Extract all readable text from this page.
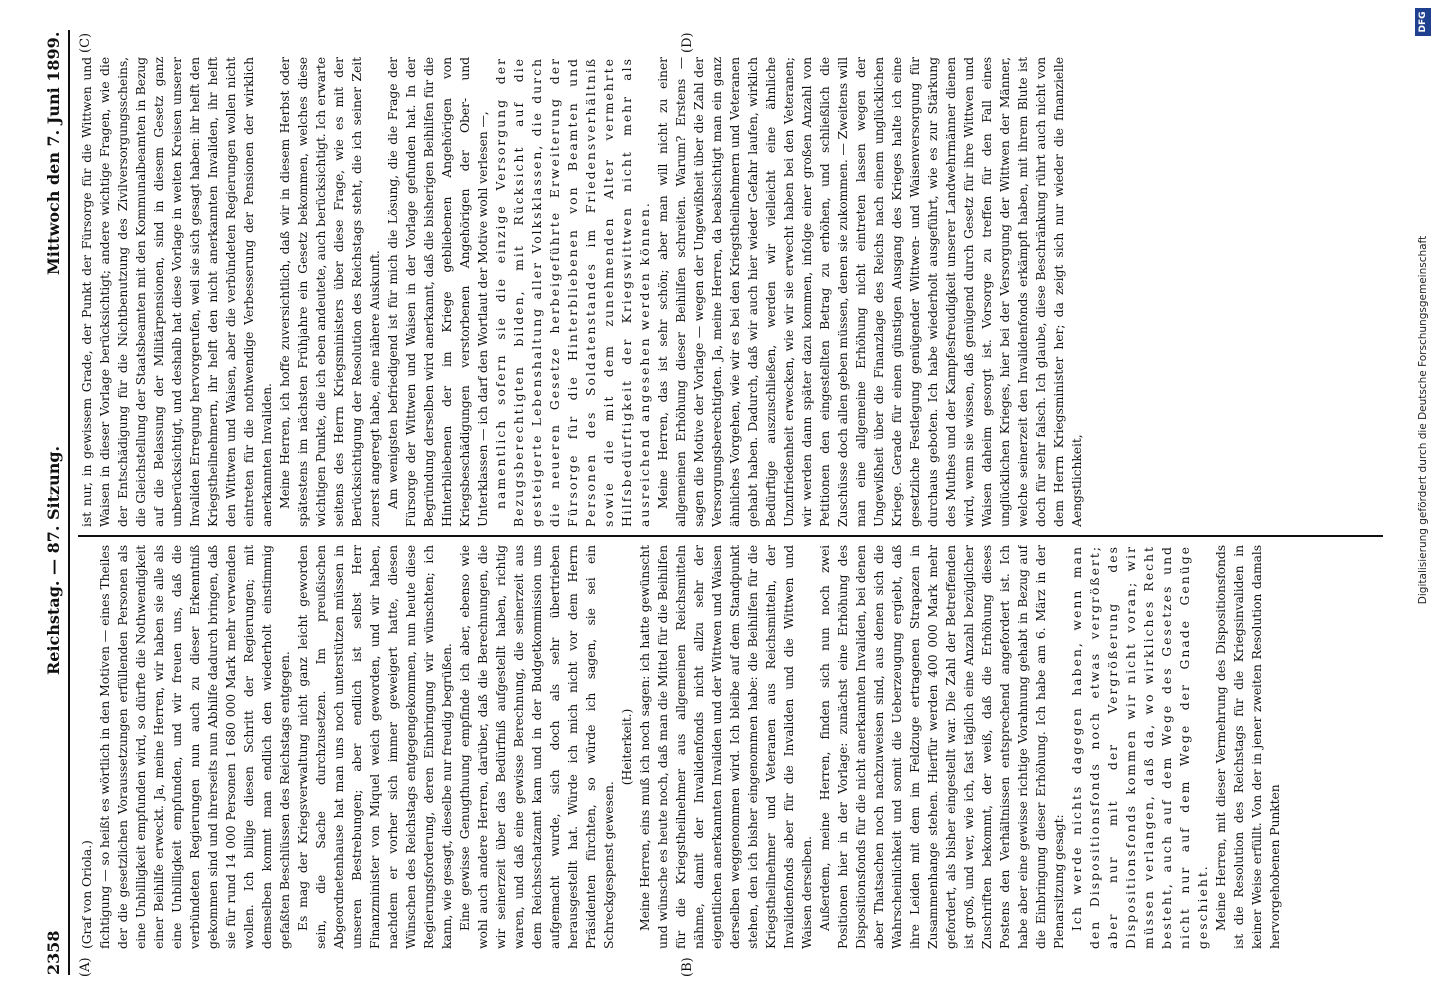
DFG
Digitalisierung gefördert durch die Deutsche Forschungsgemeinschaft
2358
Reichstag. — 87. Sitzung.
Mittwoch den 7. Juni 1899.
(A)	(B)
(C)	(D)

(Graf von Oriola.) fichtigung — so heißt es wörtlich in den Motiven — eines Theiles der die gesetzlichen Voraussetzungen erfüllenden Personen als eine Unbilligkeit empfunden wird, so dürfte die Nothwendigkeit einer Beihilfe erweckt. Ja, meine Herren, wir haben sie alle als eine Unbilligkeit empfunden, und wir freuen uns, daß die verbündeten Regierungen nun auch zu dieser Erkenntniß gekommen sind und ihrerseits nun Abhilfe dadurch bringen, daß sie für rund 14 000 Personen 1 680 000 Mark mehr verwenden wollen. Ich billige diesen Schritt der Regierungen; mit demselben kommt man endlich den wiederholt einstimmig gefaßten Beschlüssen des Reichstags entgegen. Es mag der Kriegsverwaltung nicht ganz leicht geworden sein, die Sache durchzusetzen. Im preußischen Abgeordnetenhause hat man uns noch unterstützen müssen in unseren Bestrebungen; aber endlich ist selbst Herr Finanzminister von Miquel weich geworden, und wir haben, nachdem er vorher sich immer geweigert hatte, diesen Wünschen des Reichstags entgegengekommen, nun heute diese Regierungsforderung, deren Einbringung wir wünschten; ich kann, wie gesagt, dieselbe nur freudig begrüßen. Eine gewisse Genugthuung empfinde ich aber, ebenso wie wohl auch andere Herren, darüber, daß die Berechnungen, die wir seinerzeit über das Bedürfniß aufgestellt haben, richtig waren, und daß eine gewisse Berechnung, die seinerzeit aus dem Reichsschatzamt kam und in der Budgetkommission uns aufgemacht wurde, sich doch als sehr übertrieben herausgestellt hat. Würde ich mich nicht vor dem Herrn Präsidenten fürchten, so würde ich sagen, sie sei ein Schreckgespenst gewesen.

(Heiterkeit.) Meine Herren, eins muß ich noch sagen: ich hatte gewünscht und wünsche es heute noch, daß man die Mittel für die Beihilfen für die Kriegstheilnehmer aus allgemeinen Reichsmitteln nähme, damit der Invalidenfonds nicht allzu sehr der eigentlichen anerkannten Invaliden und der Wittwen und Waisen derselben weggenommen wird. Ich bleibe auf dem Standpunkt stehen, den ich bisher eingenommen habe: die Beihilfen für die Kriegstheilnehmer und Veteranen aus Reichsmitteln, der Invalidenfonds aber für die Invaliden und die Wittwen und Waisen derselben. Außerdem, meine Herren, finden sich nun noch zwei Positionen hier in der Vorlage: zunächst eine Erhöhung des Dispositionsfonds für die nicht anerkannten Invaliden, bei denen aber Thatsachen noch nachzuweisen sind, aus denen sich die Wahrscheinlichkeit und somit die Ueberzeugung ergiebt, daß ihre Leiden mit dem im Feldzuge ertragenen Strapazen in Zusammenhange stehen. Hierfür werden 400 000 Mark mehr gefordert, als bisher eingestellt war. Die Zahl der Betreffenden ist groß, und wer, wie ich, fast täglich eine Anzahl bezüglicher Zuschriften bekommt, der weiß, daß die Erhöhung dieses Postens den Verhältnissen entsprechend angefordert ist. Ich habe aber eine gewisse richtige Vorahnung gehabt in Bezug auf die Einbringung dieser Erhöhung. Ich habe am 6. März in der Plenarsitzung gesagt: Ich werde nichts dagegen haben, wenn man den Dispositionsfonds noch etwas vergrößert; aber nur mit der Vergrößerung des Dispositionsfonds kommen wir nicht voran; wir müssen verlangen, daß da, wo wirkliches Recht besteht, auch auf dem Wege des Gesetzes und nicht nur auf dem Wege der Gnade Genüge geschieht. Meine Herren, mit dieser Vermehrung des Dispositionsfonds ist die Resolution des Reichstags für die Kriegsinvaliden in keiner Weise erfüllt. Von der in jener zweiten Resolution damals hervorgehobenen Punkten

ist nur, in gewissem Grade, der Punkt der Fürsorge für die Wittwen und Waisen in dieser Vorlage berücksichtigt; andere wichtige Fragen, wie die der Entschädigung für die Nichtbenutzung des Zivilversorgungsscheins, die Gleichstellung der Staatsbeamten mit den Kommunalbeamten in Bezug auf die Belassung der Militärpensionen, sind in diesem Gesetz ganz unberücksichtigt, und deshalb hat diese Vorlage in weiten Kreisen unserer Invaliden Erregung hervorgerufen, weil sie sich gesagt haben: ihr helft den Kriegstheilnehmern, ihr helft den nicht anerkannten Invaliden, ihr helft den Wittwen und Waisen, aber die verbündeten Regierungen wollen nicht eintreten für die nothwendige Verbesserung der Pensionen der wirklich anerkannten Invaliden. Meine Herren, ich hoffe zuversichtlich, daß wir in diesem Herbst oder spätestens im nächsten Frühjahre ein Gesetz bekommen, welches diese wichtigen Punkte, die ich eben andeutete, auch berücksichtigt. Ich erwarte seitens des Herrn Kriegsministers über diese Frage, wie es mit der Berücksichtigung der Resolution des Reichstags steht, die ich seiner Zeit zuerst angeregt habe, eine nähere Auskunft. Am wenigsten befriedigend ist für mich die Lösung, die die Frage der Fürsorge der Wittwen und Waisen in der Vorlage gefunden hat. In der Begründung derselben wird anerkannt, daß die bisherigen Beihilfen für die Hinterbliebenen der im Kriege gebliebenen Angehörigen von Kriegsbeschädigungen verstorbenen Angehörigen der Ober- und Unterklassen — ich darf den Wortlaut der Motive wohl verlesen —, namentlich sofern sie die einzige Versorgung der Bezugsberechtigten bilden, mit Rücksicht auf die gesteigerte Lebenshaltung aller Volksklassen, die durch die neueren Gesetze herbeigeführte Erweiterung der Fürsorge für die Hinterbliebenen von Beamten und Personen des Soldatenstandes im Friedensverhältniß sowie die mit dem zunehmenden Alter vermehrte Hilfsbedürftigkeit der Kriegswittwen nicht mehr als ausreichend angesehen werden können. Meine Herren, das ist sehr schön; aber man will nicht zu einer allgemeinen Erhöhung dieser Beihilfen schreiten. Warum? Erstens — sagen die Motive der Vorlage — wegen der Ungewißheit über die Zahl der Versorgungsberechtigten. Ja, meine Herren, da beabsichtigt man ein ganz ähnliches Vorgehen, wie wir es bei den Kriegstheilnehmern und Veteranen gehabt haben. Dadurch, daß wir auch hier wieder Gefahr laufen, wirklich Bedürftige auszuschließen, werden wir vielleicht eine ähnliche Unzufriedenheit erwecken, wie wir sie erwecht haben bei den Veteranen; wir werden dann später dazu kommen, infolge einer großen Anzahl von Petitionen den eingestellten Betrag zu erhöhen, und schließlich die Zuschüsse doch allen geben müssen, denen sie zukommen. — Zweitens will man eine allgemeine Erhöhung nicht eintreten lassen wegen der Ungewißheit über die Finanzlage des Reichs nach einem unglücklichen Kriege. Gerade für einen günstigen Ausgang des Krieges halte ich eine gesetzliche Festlegung genügender Wittwen- und Waisenversorgung für durchaus geboten. Ich habe wiederholt ausgeführt, wie es zur Stärkung des Muthes und der Kampfesfreudigkeit unserer Landwehrmänner dienen wird, wenn sie wissen, daß genügend durch Gesetz für ihre Wittwen und Waisen daheim gesorgt ist. Vorsorge zu treffen für den Fall eines unglücklichen Krieges, hier bei der Versorgung der Wittwen der Männer, welche seinerzeit den Invalidenfonds erkämpft haben, mit ihrem Blute ist doch für sehr falsch. Ich glaube, diese Beschränkung rührt auch nicht von dem Herrn Kriegsminister her; da zeigt sich nur wieder die finanzielle Aengstlichkeit,
